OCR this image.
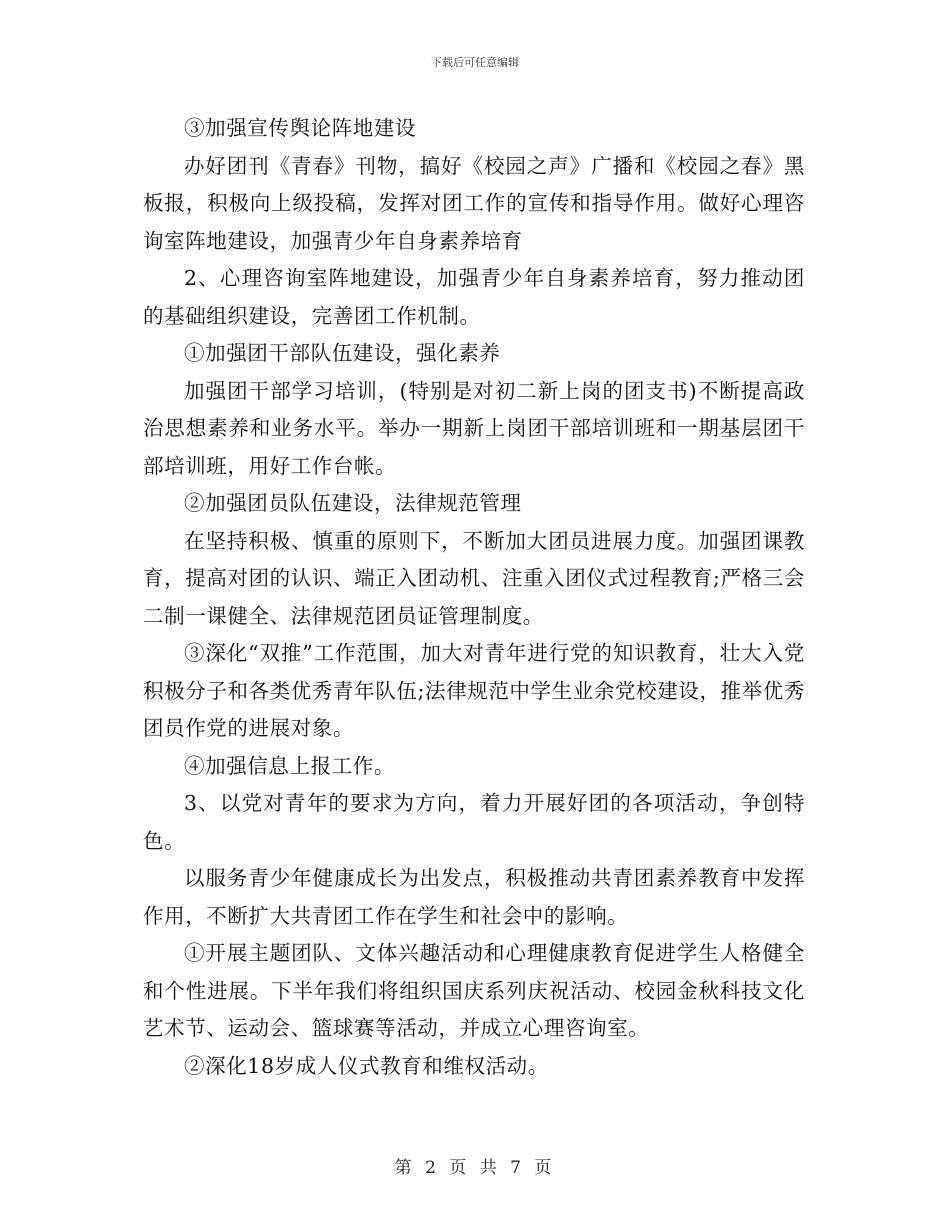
下载后可任意编辑

③加强宣传舆论阵地建设

办好团刊《青春》刊物，搞好《校园之声》广播和《校园之春》黑板报，积极向上级投稿，发挥对团工作的宣传和指导作用。做好心理咨询室阵地建设，加强青少年自身素养培育

2、心理咨询室阵地建设，加强青少年自身素养培育，努力推动团的基础组织建设，完善团工作机制。

①加强团干部队伍建设，强化素养

加强团干部学习培训，(特别是对初二新上岗的团支书)不断提高政治思想素养和业务水平。举办一期新上岗团干部培训班和一期基层团干部培训班，用好工作台帐。

②加强团员队伍建设，法律规范管理

在坚持积极、慎重的原则下，不断加大团员进展力度。加强团课教育，提高对团的认识、端正入团动机、注重入团仪式过程教育;严格三会二制一课健全、法律规范团员证管理制度。

③深化“双推”工作范围，加大对青年进行党的知识教育，壮大入党积极分子和各类优秀青年队伍;法律规范中学生业余党校建设，推举优秀团员作党的进展对象。

④加强信息上报工作。

3、以党对青年的要求为方向，着力开展好团的各项活动，争创特色。

以服务青少年健康成长为出发点，积极推动共青团素养教育中发挥作用，不断扩大共青团工作在学生和社会中的影响。

①开展主题团队、文体兴趣活动和心理健康教育促进学生人格健全和个性进展。下半年我们将组织国庆系列庆祝活动、校园金秋科技文化艺术节、运动会、篮球赛等活动，并成立心理咨询室。

②深化18岁成人仪式教育和维权活动。

第 2 页 共 7 页
